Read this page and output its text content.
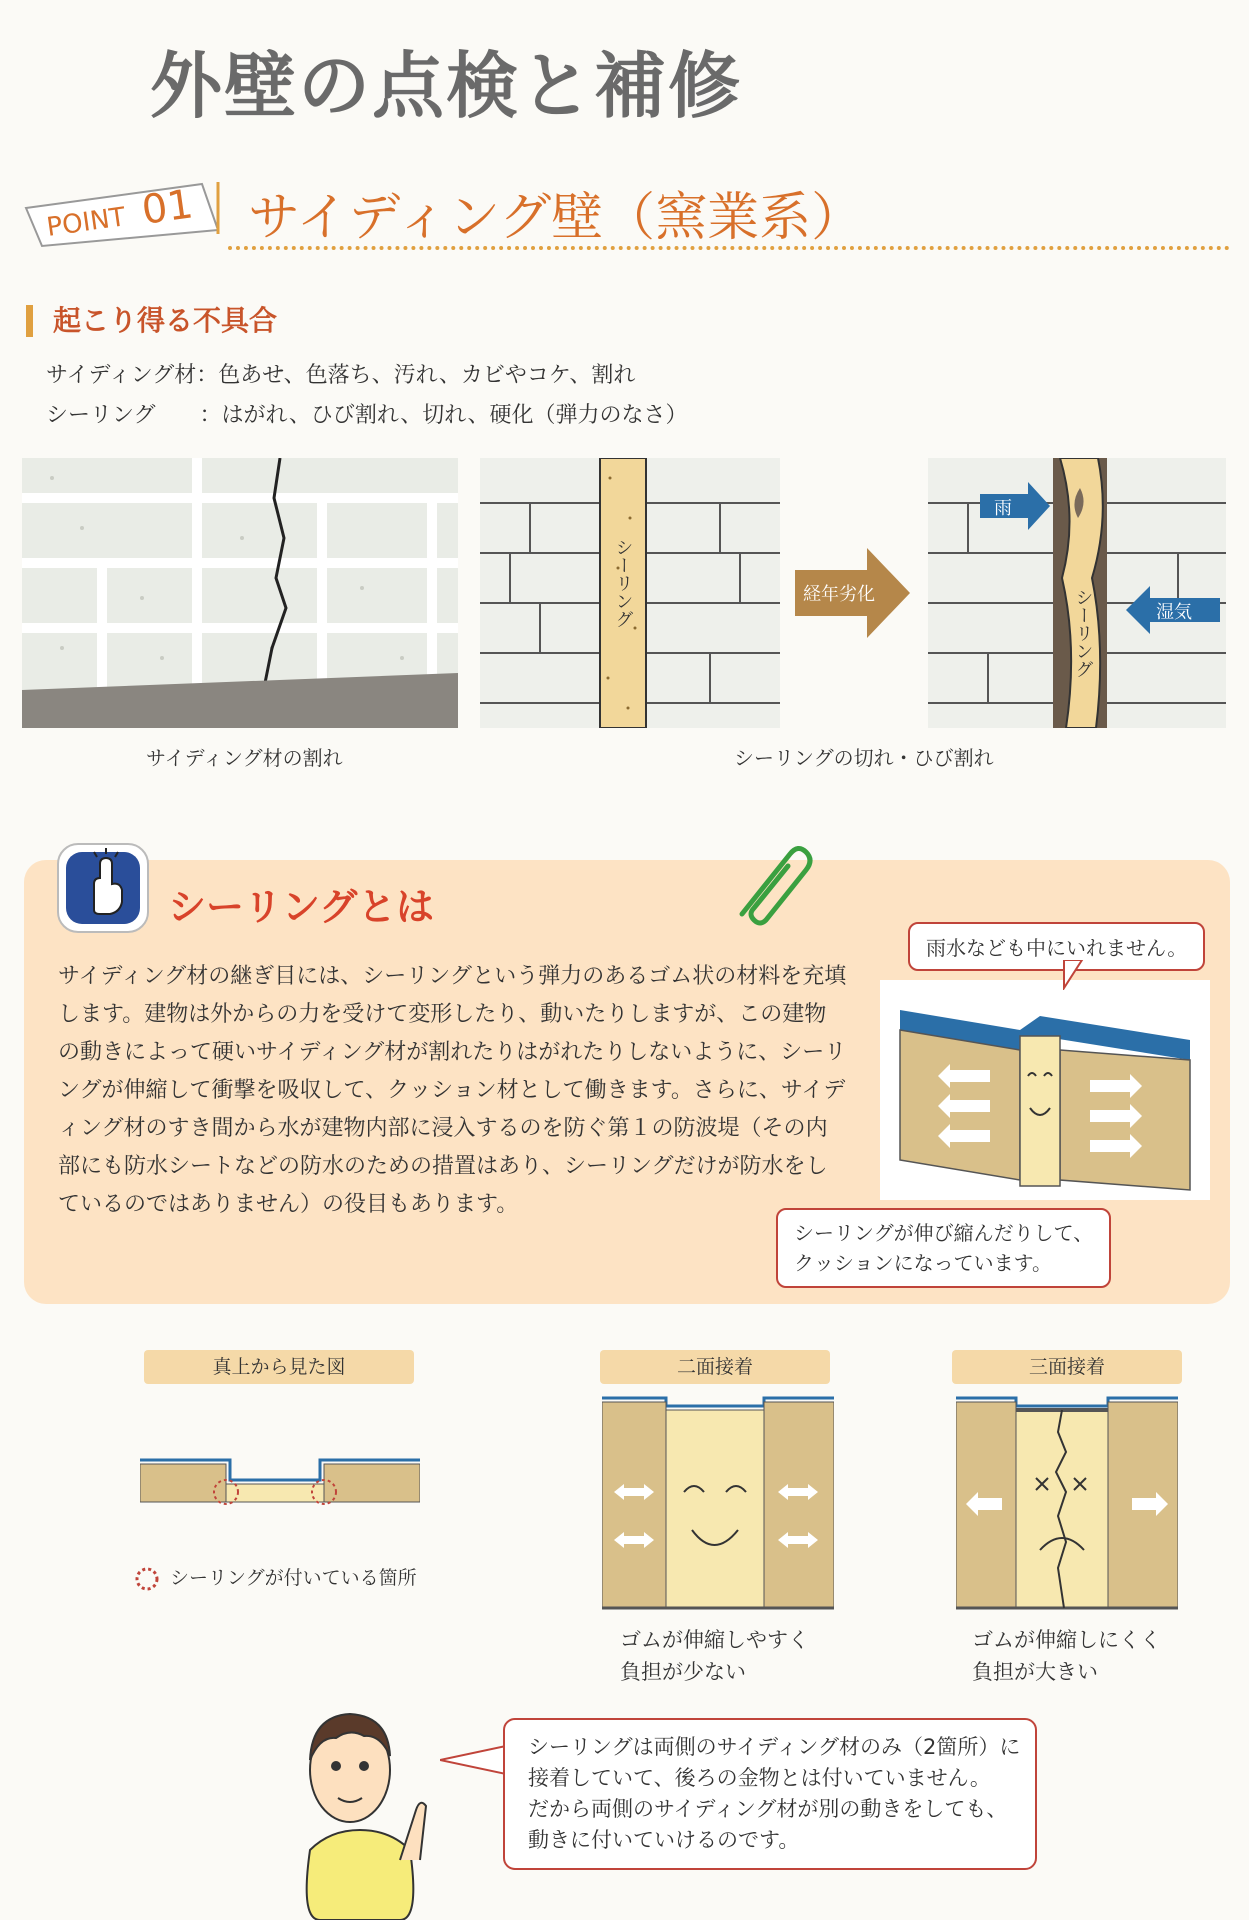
外壁の点検と補修
POINT 01 サイディング壁（窯業系）
起こり得る不具合
サイディング材：色あせ、色落ち、汚れ、カビやコケ、割れ
シーリング　　：はがれ、ひび割れ、切れ、硬化（弾力のなさ）
サイディング材の割れ
シーリング	経年劣化
雨
湿気
シーリング
シーリングの切れ・ひび割れ
シーリングとは
サイディング材の継ぎ目には、シーリングという弾力のあるゴム状の材料を充填します。建物は外からの力を受けて変形したり、動いたりしますが、この建物の動きによって硬いサイディング材が割れたりはがれたりしないように、シーリングが伸縮して衝撃を吸収して、クッション材として働きます。さらに、サイディング材のすき間から水が建物内部に浸入するのを防ぐ第１の防波堤（その内部にも防水シートなどの防水のための措置はあり、シーリングだけが防水をしているのではありません）の役目もあります。
雨水なども中にいれません。
シーリングが伸び縮んだりして、
クッションになっています。
真上から見た図
シーリングが付いている箇所
二面接着
ゴムが伸縮しやすく
負担が少ない
三面接着
ゴムが伸縮しにくく
負担が大きい
シーリングは両側のサイディング材のみ（2箇所）に
接着していて、後ろの金物とは付いていません。
だから両側のサイディング材が別の動きをしても、
動きに付いていけるのです。
